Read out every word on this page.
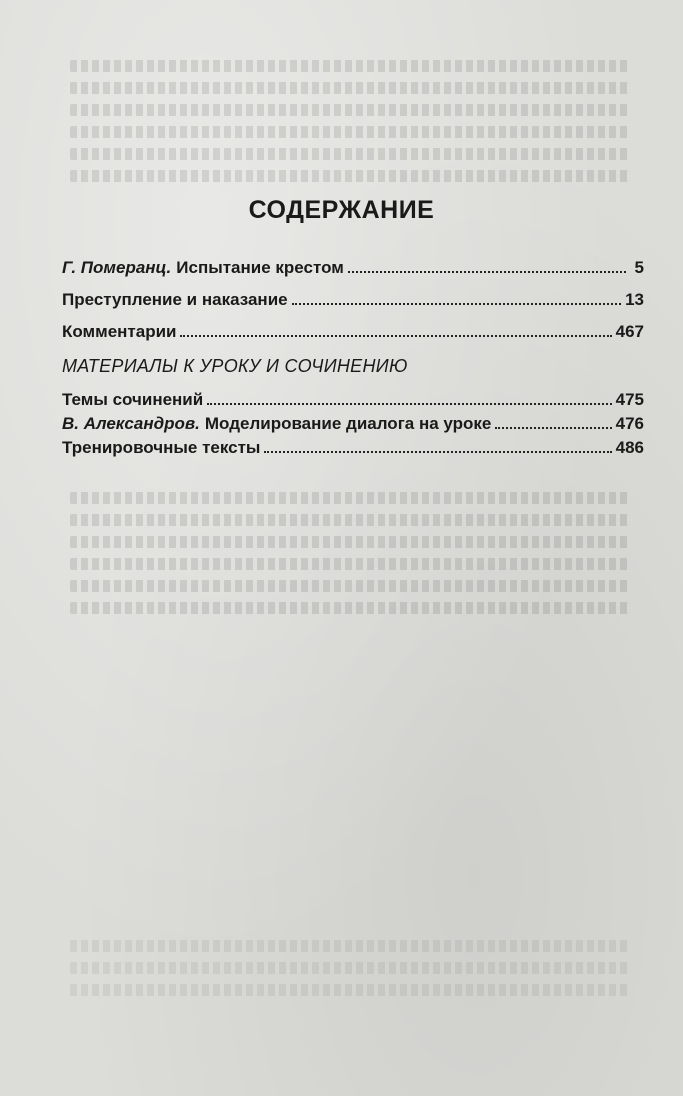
СОДЕРЖАНИЕ
Г. Померанц. Испытание крестом	5
Преступление и наказание	13
Комментарии	467
МАТЕРИАЛЫ К УРОКУ И СОЧИНЕНИЮ
Темы сочинений	475
В. Александров. Моделирование диалога на уроке	476
Тренировочные тексты	486
